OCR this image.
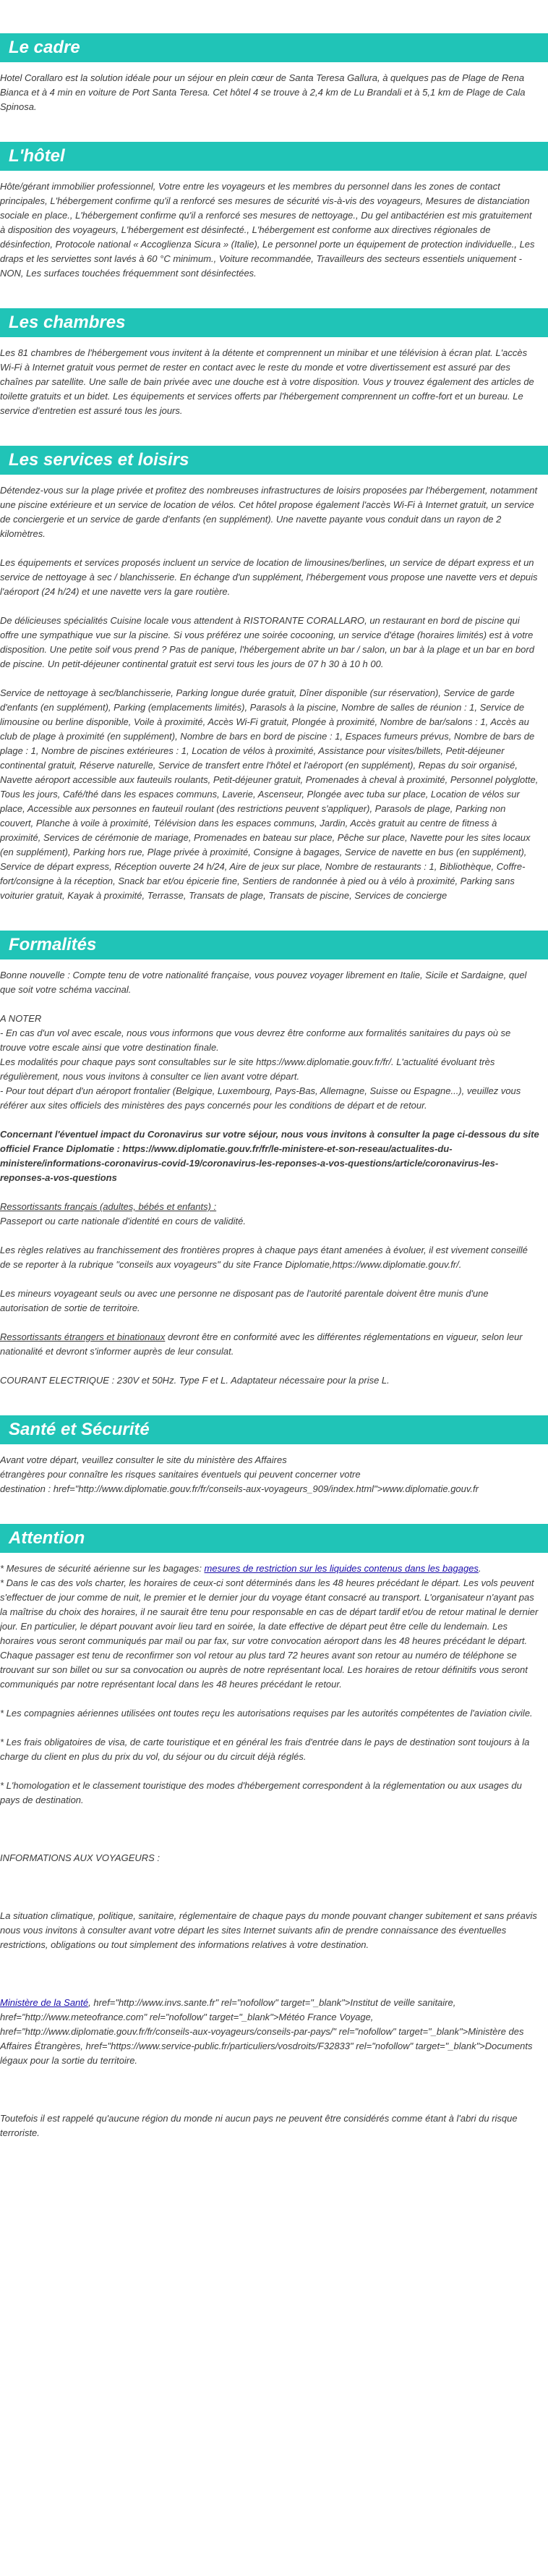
Le cadre

Hotel Corallaro est la solution idéale pour un séjour en plein cœur de Santa Teresa Gallura, à quelques pas de Plage de Rena Bianca et à 4 min en voiture de Port Santa Teresa. Cet hôtel 4 se trouve à 2,4 km de Lu Brandali et à 5,1 km de Plage de Cala Spinosa.

L'hôtel

Hôte/gérant immobilier professionnel, Votre entre les voyageurs et les membres du personnel dans les zones de contact principales, L'hébergement confirme qu'il a renforcé ses mesures de sécurité vis-à-vis des voyageurs, Mesures de distanciation sociale en place., L'hébergement confirme qu'il a renforcé ses mesures de nettoyage., Du gel antibactérien est mis gratuitement à disposition des voyageurs, L'hébergement est désinfecté., L'hébergement est conforme aux directives régionales de désinfection, Protocole national « Accoglienza Sicura » (Italie), Le personnel porte un équipement de protection individuelle., Les draps et les serviettes sont lavés à 60 °C minimum., Voiture recommandée, Travailleurs des secteurs essentiels uniquement - NON, Les surfaces touchées fréquemment sont désinfectées.

Les chambres

Les 81 chambres de l'hébergement vous invitent à la détente et comprennent un minibar et une télévision à écran plat. L'accès Wi-Fi à Internet gratuit vous permet de rester en contact avec le reste du monde et votre divertissement est assuré par des chaînes par satellite. Une salle de bain privée avec une douche est à votre disposition. Vous y trouvez également des articles de toilette gratuits et un bidet. Les équipements et services offerts par l'hébergement comprennent un coffre-fort et un bureau. Le service d'entretien est assuré tous les jours.

Les services et loisirs

Détendez-vous sur la plage privée et profitez des nombreuses infrastructures de loisirs proposées par l'hébergement, notamment une piscine extérieure et un service de location de vélos. Cet hôtel propose également l'accès Wi-Fi à Internet gratuit, un service de conciergerie et un service de garde d'enfants (en supplément). Une navette payante vous conduit dans un rayon de 2 kilomètres.

Les équipements et services proposés incluent un service de location de limousines/berlines, un service de départ express et un service de nettoyage à sec / blanchisserie. En échange d'un supplément, l'hébergement vous propose une navette vers et depuis l'aéroport (24 h/24) et une navette vers la gare routière.

De délicieuses spécialités Cuisine locale vous attendent à RISTORANTE CORALLARO, un restaurant en bord de piscine qui offre une sympathique vue sur la piscine. Si vous préférez une soirée cocooning, un service d'étage (horaires limités) est à votre disposition. Une petite soif vous prend ? Pas de panique, l'hébergement abrite un bar / salon, un bar à la plage et un bar en bord de piscine. Un petit-déjeuner continental gratuit est servi tous les jours de 07 h 30 à 10 h 00.

Service de nettoyage à sec/blanchisserie, Parking longue durée gratuit, Dîner disponible (sur réservation), Service de garde d'enfants (en supplément), Parking (emplacements limités), Parasols à la piscine, Nombre de salles de réunion : 1, Service de limousine ou berline disponible, Voile à proximité, Accès Wi-Fi gratuit, Plongée à proximité, Nombre de bar/salons : 1, Accès au club de plage à proximité (en supplément), Nombre de bars en bord de piscine : 1, Espaces fumeurs prévus, Nombre de bars de plage : 1, Nombre de piscines extérieures : 1, Location de vélos à proximité, Assistance pour visites/billets, Petit-déjeuner continental gratuit, Réserve naturelle, Service de transfert entre l'hôtel et l'aéroport (en supplément), Repas du soir organisé, Navette aéroport accessible aux fauteuils roulants, Petit-déjeuner gratuit, Promenades à cheval à proximité, Personnel polyglotte, Tous les jours, Café/thé dans les espaces communs, Laverie, Ascenseur, Plongée avec tuba sur place, Location de vélos sur place, Accessible aux personnes en fauteuil roulant (des restrictions peuvent s'appliquer), Parasols de plage, Parking non couvert, Planche à voile à proximité, Télévision dans les espaces communs, Jardin, Accès gratuit au centre de fitness à proximité, Services de cérémonie de mariage, Promenades en bateau sur place, Pêche sur place, Navette pour les sites locaux (en supplément), Parking hors rue, Plage privée à proximité, Consigne à bagages, Service de navette en bus (en supplément), Service de départ express, Réception ouverte 24 h/24, Aire de jeux sur place, Nombre de restaurants : 1, Bibliothèque, Coffre-fort/consigne à la réception, Snack bar et/ou épicerie fine, Sentiers de randonnée à pied ou à vélo à proximité, Parking sans voiturier gratuit, Kayak à proximité, Terrasse, Transats de plage, Transats de piscine, Services de concierge

Formalités

Bonne nouvelle : Compte tenu de votre nationalité française, vous pouvez voyager librement en Italie, Sicile et Sardaigne, quel que soit votre schéma vaccinal.

A NOTER

- En cas d'un vol avec escale, nous vous informons que vous devrez être conforme aux formalités sanitaires du pays où se trouve votre escale ainsi que votre destination finale.

Les modalités pour chaque pays sont consultables sur le site https://www.diplomatie.gouv.fr/fr/. L'actualité évoluant très régulièrement, nous vous invitons à consulter ce lien avant votre départ.

- Pour tout départ d'un aéroport frontalier (Belgique, Luxembourg, Pays-Bas, Allemagne, Suisse ou Espagne...), veuillez vous référer aux sites officiels des ministères des pays concernés pour les conditions de départ et de retour.

Concernant l'éventuel impact du Coronavirus sur votre séjour, nous vous invitons à consulter la page ci-dessous du site officiel France Diplomatie : https://www.diplomatie.gouv.fr/fr/le-ministere-et-son-reseau/actualites-du-ministere/informations-coronavirus-covid-19/coronavirus-les-reponses-a-vos-questions/article/coronavirus-les-reponses-a-vos-questions

Ressortissants français (adultes, bébés et enfants) :

Passeport ou carte nationale d'identité en cours de validité.

Les règles relatives au franchissement des frontières propres à chaque pays étant amenées à évoluer, il est vivement conseillé de se reporter à la rubrique "conseils aux voyageurs" du site France Diplomatie,https://www.diplomatie.gouv.fr/.

Les mineurs voyageant seuls ou avec une personne ne disposant pas de l'autorité parentale doivent être munis d'une autorisation de sortie de territoire.

Ressortissants étrangers et binationaux devront être en conformité avec les différentes réglementations en vigueur, selon leur nationalité et devront s'informer auprès de leur consulat.

COURANT ELECTRIQUE : 230V et 50Hz. Type F et L. Adaptateur nécessaire pour la prise L.

Santé et Sécurité

Avant votre départ, veuillez consulter le site du ministère des Affaires

étrangères pour connaître les risques sanitaires éventuels qui peuvent concerner votre

destination : href="http://www.diplomatie.gouv.fr/fr/conseils-aux-voyageurs_909/index.html">www.diplomatie.gouv.fr

Attention

* Mesures de sécurité aérienne sur les bagages: mesures de restriction sur les liquides contenus dans les bagages.

* Dans le cas des vols charter, les horaires de ceux-ci sont déterminés dans les 48 heures précédant le départ. Les vols peuvent s'effectuer de jour comme de nuit, le premier et le dernier jour du voyage étant consacré au transport. L'organisateur n'ayant pas la maîtrise du choix des horaires, il ne saurait être tenu pour responsable en cas de départ tardif et/ou de retour matinal le dernier jour. En particulier, le départ pouvant avoir lieu tard en soirée, la date effective de départ peut être celle du lendemain. Les horaires vous seront communiqués par mail ou par fax, sur votre convocation aéroport dans les 48 heures précédant le départ. Chaque passager est tenu de reconfirmer son vol retour au plus tard 72 heures avant son retour au numéro de téléphone se trouvant sur son billet ou sur sa convocation ou auprès de notre représentant local. Les horaires de retour définitifs vous seront communiqués par notre représentant local dans les 48 heures précédant le retour.

* Les compagnies aériennes utilisées ont toutes reçu les autorisations requises par les autorités compétentes de l'aviation civile.

* Les frais obligatoires de visa, de carte touristique et en général les frais d'entrée dans le pays de destination sont toujours à la charge du client en plus du prix du vol, du séjour ou du circuit déjà réglés.

* L'homologation et le classement touristique des modes d'hébergement correspondent à la réglementation ou aux usages du pays de destination.

INFORMATIONS AUX VOYAGEURS :

La situation climatique, politique, sanitaire, réglementaire de chaque pays du monde pouvant changer subitement et sans préavis

nous vous invitons à consulter avant votre départ les sites Internet suivants afin de prendre connaissance des éventuelles restrictions, obligations ou tout simplement des informations relatives à votre destination.

Ministère de la Santé, href="http://www.invs.sante.fr" rel="nofollow" target="_blank">Institut de veille sanitaire, href="http://www.meteofrance.com" rel="nofollow" target="_blank">Météo France Voyage, href="http://www.diplomatie.gouv.fr/fr/conseils-aux-voyageurs/conseils-par-pays/" rel="nofollow" target="_blank">Ministère des Affaires Étrangères, href="https://www.service-public.fr/particuliers/vosdroits/F32833" rel="nofollow" target="_blank">Documents légaux pour la sortie du territoire.

Toutefois il est rappelé qu'aucune région du monde ni aucun pays ne peuvent être considérés comme étant à l'abri du risque terroriste.
